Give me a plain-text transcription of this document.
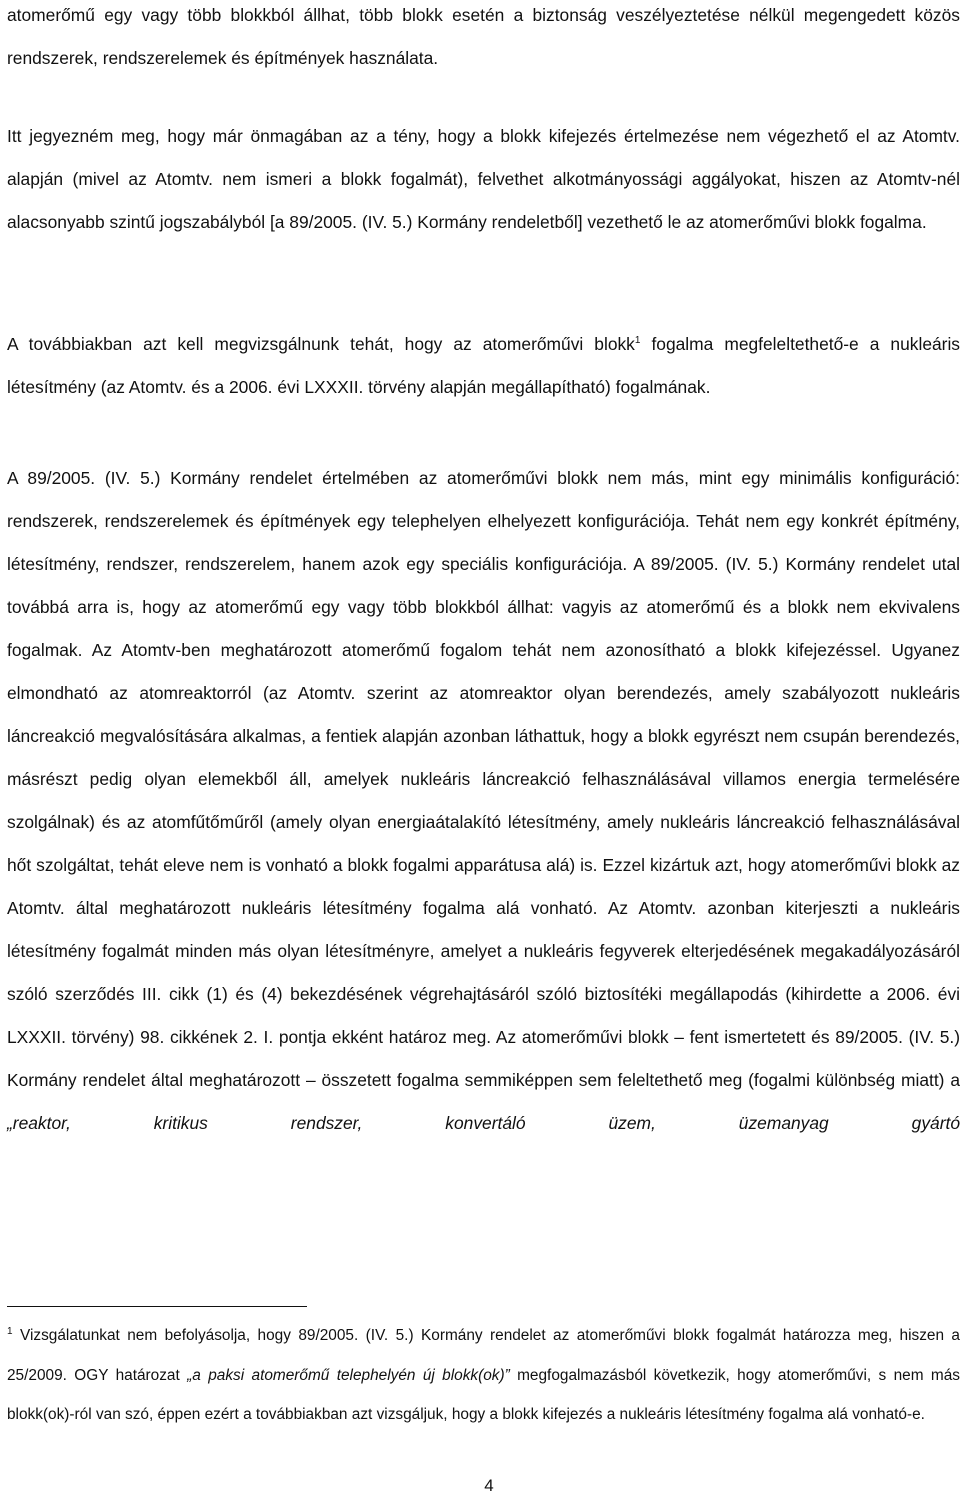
atomerőmű egy vagy több blokkból állhat, több blokk esetén a biztonság veszélyeztetése nélkül megengedett közös rendszerek, rendszerelemek és építmények használata.
Itt jegyezném meg, hogy már önmagában az a tény, hogy a blokk kifejezés értelmezése nem végezhető el az Atomtv. alapján (mivel az Atomtv. nem ismeri a blokk fogalmát), felvethet alkotmányossági aggályokat, hiszen az Atomtv-nél alacsonyabb szintű jogszabályból [a 89/2005. (IV. 5.) Kormány rendeletből] vezethető le az atomerőművi blokk fogalma.
A továbbiakban azt kell megvizsgálnunk tehát, hogy az atomerőművi blokk$^1$ fogalma megfeleltethető-e a nukleáris létesítmény (az Atomtv. és a 2006. évi LXXXII. törvény alapján megállapítható) fogalmának.
A 89/2005. (IV. 5.) Kormány rendelet értelmében az atomerőművi blokk nem más, mint egy minimális konfiguráció: rendszerek, rendszerelemek és építmények egy telephelyen elhelyezett konfigurációja. Tehát nem egy konkrét építmény, létesítmény, rendszer, rendszerelem, hanem azok egy speciális konfigurációja. A 89/2005. (IV. 5.) Kormány rendelet utal továbbá arra is, hogy az atomerőmű egy vagy több blokkból állhat: vagyis az atomerőmű és a blokk nem ekvivalens fogalmak. Az Atomtv-ben meghatározott atomerőmű fogalom tehát nem azonosítható a blokk kifejezéssel. Ugyanez elmondható az atomreaktorról (az Atomtv. szerint az atomreaktor olyan berendezés, amely szabályozott nukleáris láncreakció megvalósítására alkalmas, a fentiek alapján azonban láthattuk, hogy a blokk egyrészt nem csupán berendezés, másrészt pedig olyan elemekből áll, amelyek nukleáris láncreakció felhasználásával villamos energia termelésére szolgálnak) és az atomfűtőműről (amely olyan energiaátalakító létesítmény, amely nukleáris láncreakció felhasználásával hőt szolgáltat, tehát eleve nem is vonható a blokk fogalmi apparátusa alá) is. Ezzel kizártuk azt, hogy atomerőművi blokk az Atomtv. által meghatározott nukleáris létesítmény fogalma alá vonható. Az Atomtv. azonban kiterjeszti a nukleáris létesítmény fogalmát minden más olyan létesítményre, amelyet a nukleáris fegyverek elterjedésének megakadályozásáról szóló szerződés III. cikk (1) és (4) bekezdésének végrehajtásáról szóló biztosítéki megállapodás (kihirdette a 2006. évi LXXXII. törvény) 98. cikkének 2. I. pontja ekként határoz meg. Az atomerőművi blokk – fent ismertetett és 89/2005. (IV. 5.) Kormány rendelet által meghatározott – összetett fogalma semmiképpen sem feleltethető meg (fogalmi különbség miatt) a „reaktor, kritikus rendszer, konvertáló üzem, üzemanyag gyártó
$^1$ Vizsgálatunkat nem befolyásolja, hogy 89/2005. (IV. 5.) Kormány rendelet az atomerőművi blokk fogalmát határozza meg, hiszen a 25/2009. OGY határozat „a paksi atomerőmű telephelyén új blokk(ok)” megfogalmazásból következik, hogy atomerőművi, s nem más blokk(ok)-ról van szó, éppen ezért a továbbiakban azt vizsgáljuk, hogy a blokk kifejezés a nukleáris létesítmény fogalma alá vonható-e.
4
